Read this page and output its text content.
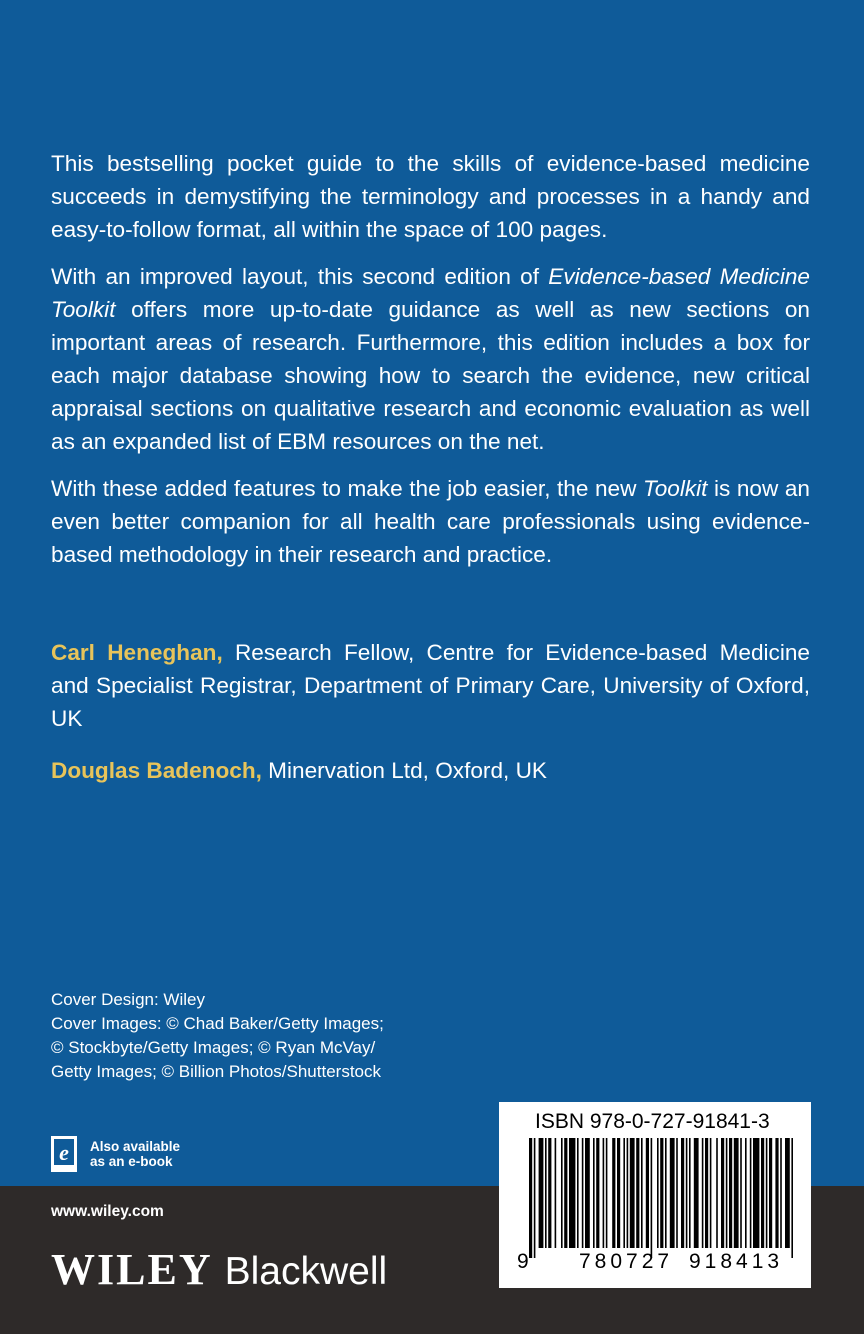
This bestselling pocket guide to the skills of evidence-based medicine succeeds in demystifying the terminology and processes in a handy and easy-to-follow format, all within the space of 100 pages.

With an improved layout, this second edition of Evidence-based Medicine Toolkit offers more up-to-date guidance as well as new sections on important areas of research. Furthermore, this edition includes a box for each major database showing how to search the evidence, new critical appraisal sections on qualitative research and economic evaluation as well as an expanded list of EBM resources on the net.

With these added features to make the job easier, the new Toolkit is now an even better companion for all health care professionals using evidence-based methodology in their research and practice.

Carl Heneghan, Research Fellow, Centre for Evidence-based Medicine and Specialist Registrar, Department of Primary Care, University of Oxford, UK

Douglas Badenoch, Minervation Ltd, Oxford, UK

Cover Design: Wiley
Cover Images: © Chad Baker/Getty Images;
© Stockbyte/Getty Images; © Ryan McVay/
Getty Images; © Billion Photos/Shutterstock
e Also available
as an e-book
www.wiley.com
WILEY Blackwell
ISBN 978-0-727-91841-3
9 780727 918413
